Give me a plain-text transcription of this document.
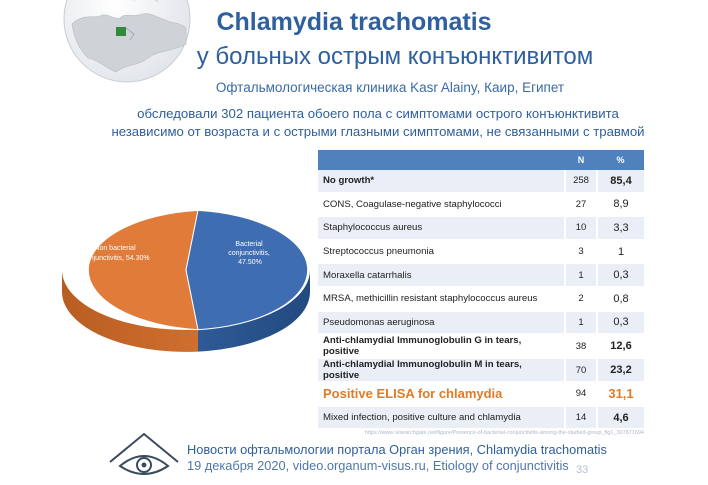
Chlamydia trachomatis
у больных острым конъюнктивитом
Офтальмологическая клиника Kasr Alainy, Каир, Египет
обследовали 302 пациента обоего пола с симптомами острого конъюнктивита
независимо от возраста и с острыми глазными симптомами, не связанными с травмой
Non bacterial conjunctivitis, 54.30%
Bacterial conjunctivitis, 47.50%
	N	%
No growth*	258	85,4
CONS, Coagulase-negative staphylococci	27	8,9
Staphylococcus aureus	10	3,3
Streptococcus pneumonia	3	1
Moraxella catarrhalis	1	0,3
MRSA, methicillin resistant staphylococcus aureus	2	0,8
Pseudomonas aeruginosa	1	0,3
Anti-chlamydial Immunoglobulin G in tears, positive	38	12,6
Anti-chlamydial Immunoglobulin M in tears, positive	70	23,2
Positive ELISA for chlamydia	94	31,1
Mixed infection, positive culture and chlamydia	14	4,6
https://www.researchgate.net/figure/Presence-of-bacterial-conjunctivitis-among-the-studied-group_fig1_307871694
Новости офтальмологии портала Орган зрения, Chlamydia trachomatis
19 декабря 2020, video.organum-visus.ru, Etiology of conjunctivitis 33
